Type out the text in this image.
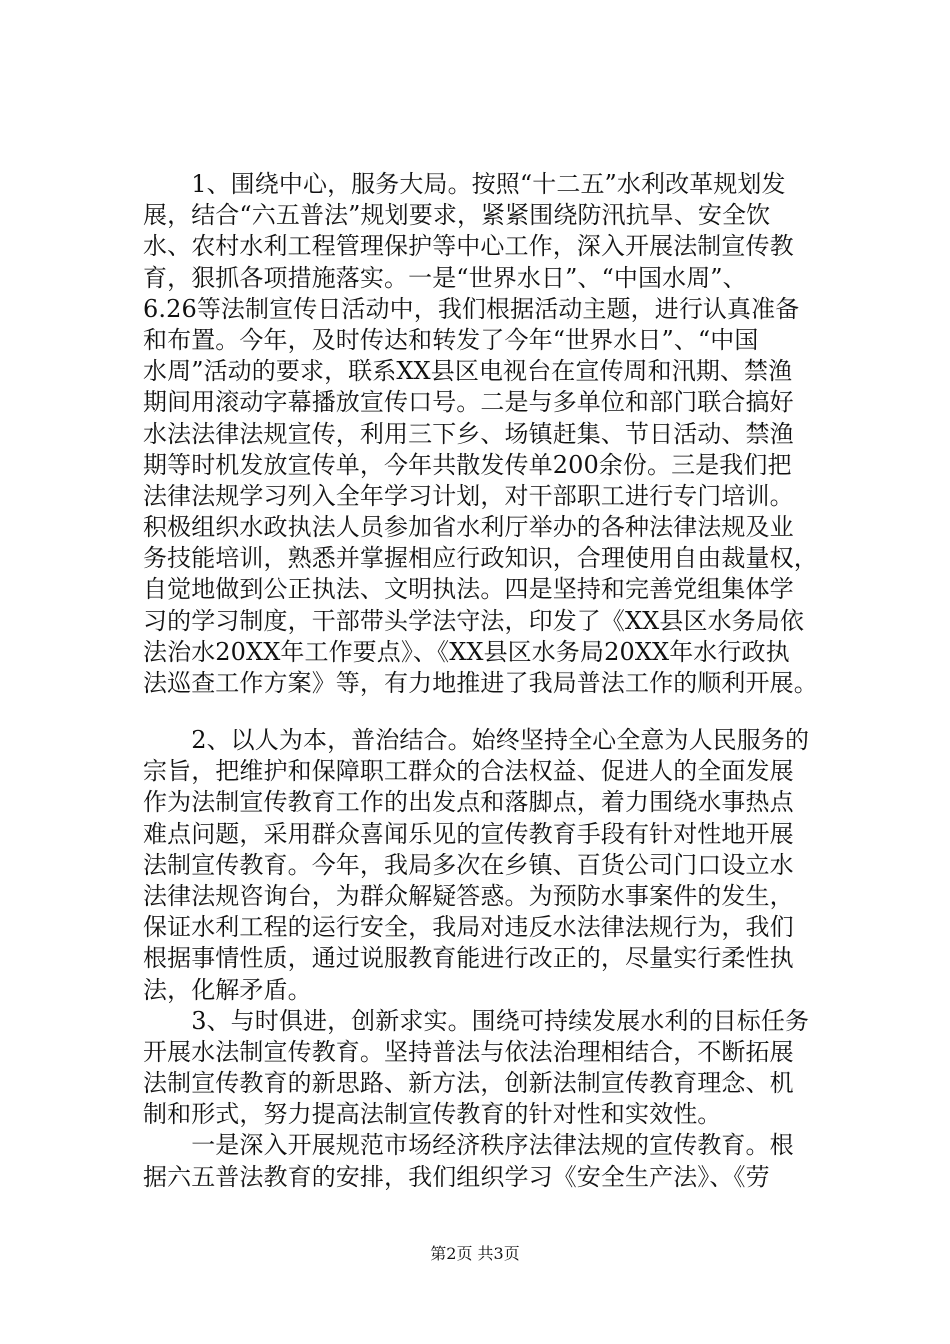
　　1、围绕中心，服务大局。按照“十二五”水利改革规划发
展，结合“六五普法”规划要求，紧紧围绕防汛抗旱、安全饮
水、农村水利工程管理保护等中心工作，深入开展法制宣传教
育，狠抓各项措施落实。一是“世界水日”、“中国水周”、
6.26等法制宣传日活动中，我们根据活动主题，进行认真准备
和布置。今年，及时传达和转发了今年“世界水日”、“中国
水周”活动的要求，联系XX县区电视台在宣传周和汛期、禁渔
期间用滚动字幕播放宣传口号。二是与多单位和部门联合搞好
水法法律法规宣传，利用三下乡、场镇赶集、节日活动、禁渔
期等时机发放宣传单，今年共散发传单200余份。三是我们把
法律法规学习列入全年学习计划，对干部职工进行专门培训。
积极组织水政执法人员参加省水利厅举办的各种法律法规及业
务技能培训，熟悉并掌握相应行政知识，合理使用自由裁量权，
自觉地做到公正执法、文明执法。四是坚持和完善党组集体学
习的学习制度，干部带头学法守法，印发了《XX县区水务局依
法治水20XX年工作要点》、《XX县区水务局20XX年水行政执
法巡查工作方案》等，有力地推进了我局普法工作的顺利开展。
　　2、以人为本，普治结合。始终坚持全心全意为人民服务的
宗旨，把维护和保障职工群众的合法权益、促进人的全面发展
作为法制宣传教育工作的出发点和落脚点，着力围绕水事热点
难点问题，采用群众喜闻乐见的宣传教育手段有针对性地开展
法制宣传教育。今年，我局多次在乡镇、百货公司门口设立水
法律法规咨询台，为群众解疑答惑。为预防水事案件的发生，
保证水利工程的运行安全，我局对违反水法律法规行为，我们
根据事情性质，通过说服教育能进行改正的，尽量实行柔性执
法，化解矛盾。
　　3、与时俱进，创新求实。围绕可持续发展水利的目标任务
开展水法制宣传教育。坚持普法与依法治理相结合，不断拓展
法制宣传教育的新思路、新方法，创新法制宣传教育理念、机
制和形式，努力提高法制宣传教育的针对性和实效性。
　　一是深入开展规范市场经济秩序法律法规的宣传教育。根
据六五普法教育的安排，我们组织学习《安全生产法》、《劳
第2页 共3页
